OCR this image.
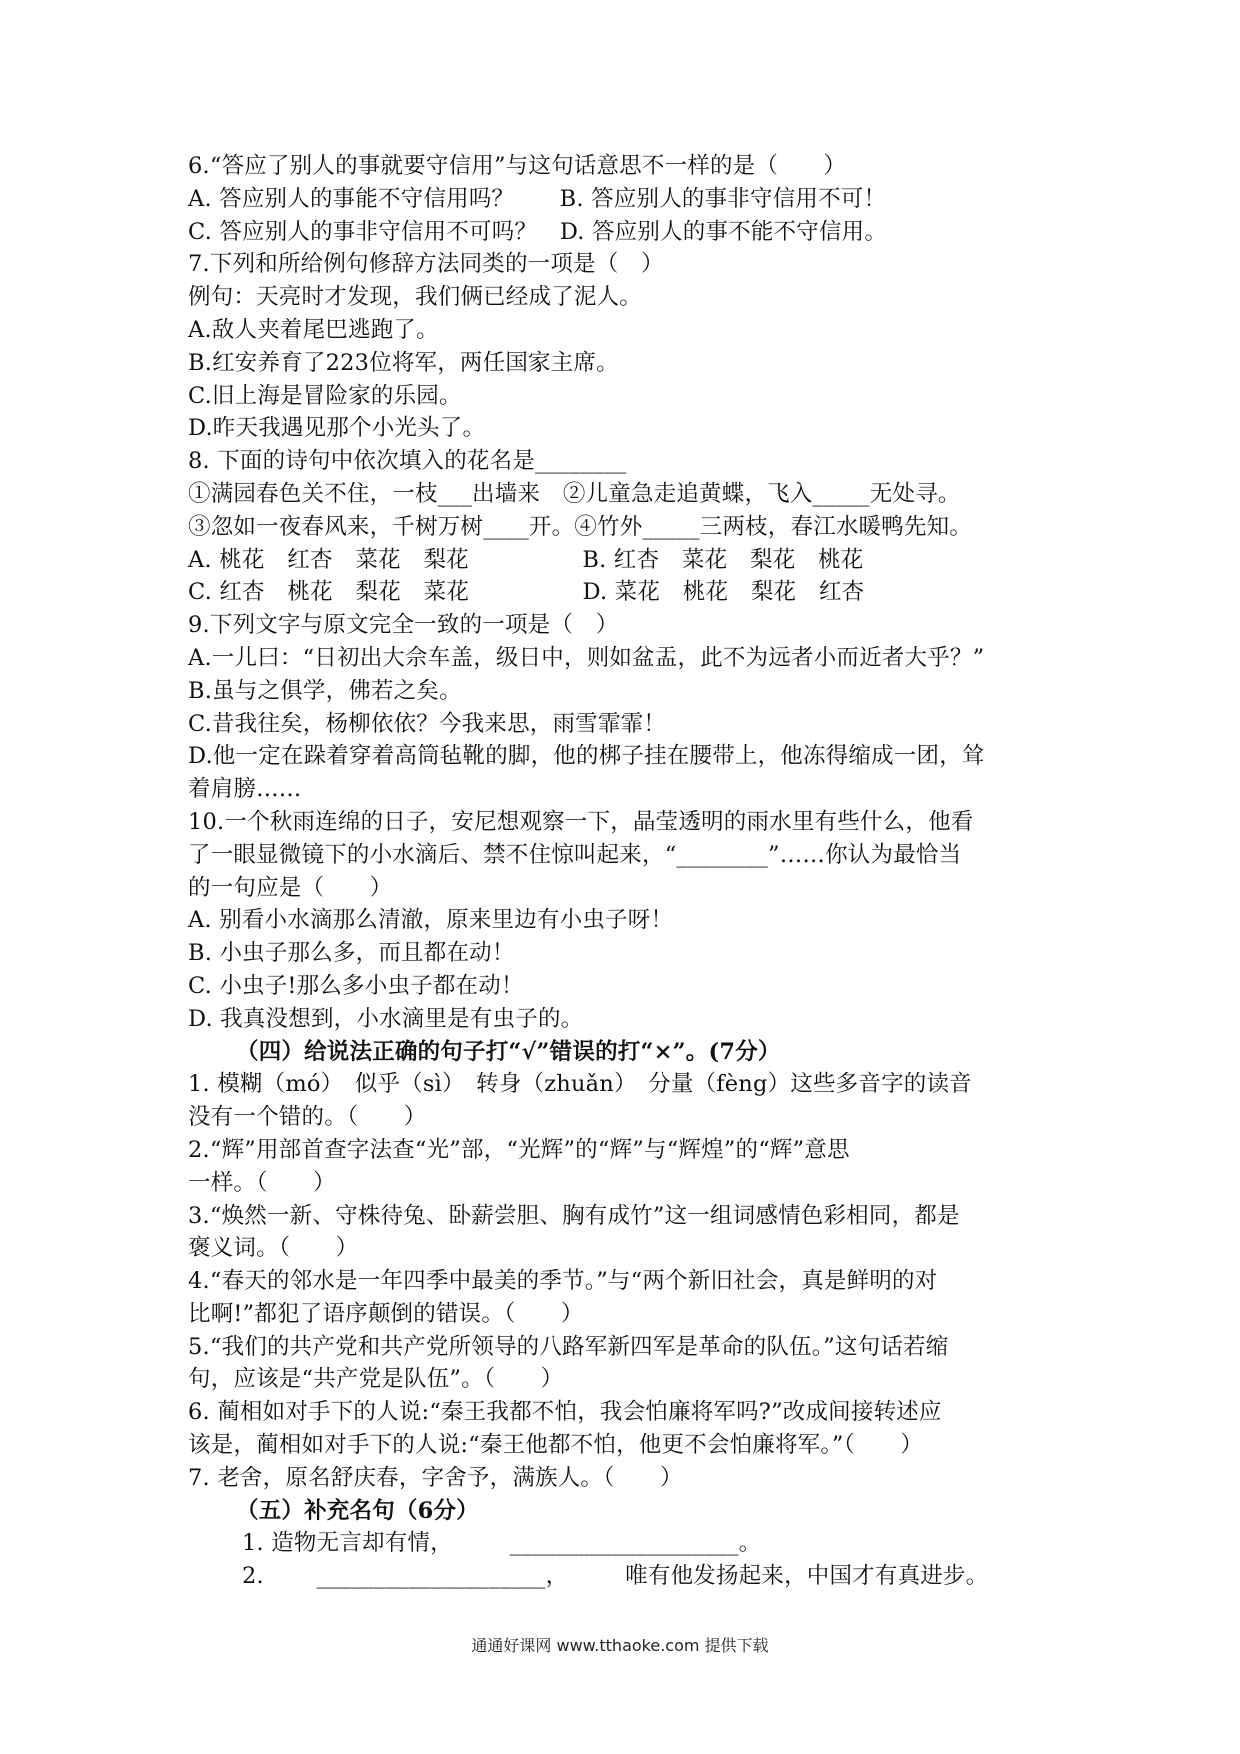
6.“答应了别人的事就要守信用”与这句话意思不一样的是（　　）
A. 答应别人的事能不守信用吗？　　B. 答应别人的事非守信用不可！
C. 答应别人的事非守信用不可吗？　D. 答应别人的事不能不守信用。
7.下列和所给例句修辞方法同类的一项是（　）
例句：天亮时才发现，我们俩已经成了泥人。
A.敌人夹着尾巴逃跑了。
B.红安养育了223位将军，两任国家主席。
C.旧上海是冒险家的乐园。
D.昨天我遇见那个小光头了。
8. 下面的诗句中依次填入的花名是________
①满园春色关不住，一枝___出墙来　②儿童急走追黄蝶，飞入_____无处寻。
③忽如一夜春风来，千树万树____开。④竹外_____三两枝，春江水暖鸭先知。
A. 桃花　红杏　菜花　梨花　　　　　B. 红杏　菜花　梨花　桃花
C. 红杏　桃花　梨花　菜花　　　　　D. 菜花　桃花　梨花　红杏
9.下列文字与原文完全一致的一项是（　）
A.一儿曰：“日初出大佘车盖，级日中，则如盆盂，此不为远者小而近者大乎？”
B.虽与之俱学，佛若之矣。
C.昔我往矣，杨柳依依？今我来思，雨雪霏霏！
D.他一定在跺着穿着高筒毡靴的脚，他的梆子挂在腰带上，他冻得缩成一团，耸
着肩膀……
10.一个秋雨连绵的日子，安尼想观察一下，晶莹透明的雨水里有些什么，他看
了一眼显微镜下的小水滴后、禁不住惊叫起来，“________”……你认为最恰当
的一句应是（　　）
A. 别看小水滴那么清澈，原来里边有小虫子呀！
B. 小虫子那么多，而且都在动！
C. 小虫子!那么多小虫子都在动！
D. 我真没想到，小水滴里是有虫子的。
（四）给说法正确的句子打“√”错误的打“×”。(7分）
1. 模糊（mó）　似乎（sì）　转身（zhuǎn）　分量（fèng）这些多音字的读音
没有一个错的。（　　）
2.“辉”用部首查字法查“光”部，“光辉”的“辉”与“辉煌”的“辉”意思
一样。（　　）
3.“焕然一新、守株待兔、卧薪尝胆、胸有成竹”这一组词感情色彩相同，都是
褒义词。（　　）
4.“春天的邻水是一年四季中最美的季节。”与“两个新旧社会，真是鲜明的对
比啊!”都犯了语序颠倒的错误。（　　）
5.“我们的共产党和共产党所领导的八路军新四军是革命的队伍。”这句话若缩
句，应该是“共产党是队伍”。（　　）
6. 蔺相如对手下的人说:“秦王我都不怕，我会怕廉将军吗?”改成间接转述应
该是，蔺相如对手下的人说:“秦王他都不怕，他更不会怕廉将军。”（　　）
7. 老舍，原名舒庆春，字舍予，满族人。（　　）
（五）补充名句（6分）
1. 造物无言却有情，　　　____________________。
2. 　　____________________，　　　唯有他发扬起来，中国才有真进步。
通通好课网 www.tthaoke.com 提供下载
